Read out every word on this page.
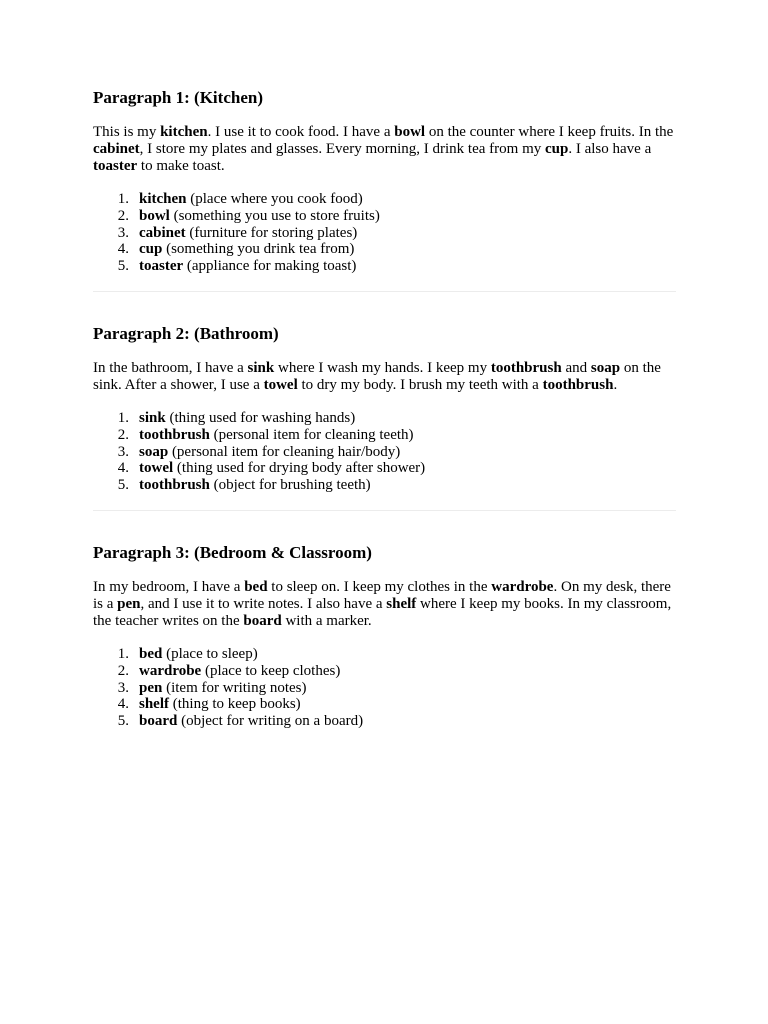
Paragraph 1: (Kitchen)
This is my kitchen. I use it to cook food. I have a bowl on the counter where I keep fruits. In the cabinet, I store my plates and glasses. Every morning, I drink tea from my cup. I also have a toaster to make toast.
1. kitchen (place where you cook food)
2. bowl (something you use to store fruits)
3. cabinet (furniture for storing plates)
4. cup (something you drink tea from)
5. toaster (appliance for making toast)
Paragraph 2: (Bathroom)
In the bathroom, I have a sink where I wash my hands. I keep my toothbrush and soap on the sink. After a shower, I use a towel to dry my body. I brush my teeth with a toothbrush.
1. sink (thing used for washing hands)
2. toothbrush (personal item for cleaning teeth)
3. soap (personal item for cleaning hair/body)
4. towel (thing used for drying body after shower)
5. toothbrush (object for brushing teeth)
Paragraph 3: (Bedroom & Classroom)
In my bedroom, I have a bed to sleep on. I keep my clothes in the wardrobe. On my desk, there is a pen, and I use it to write notes. I also have a shelf where I keep my books. In my classroom, the teacher writes on the board with a marker.
1. bed (place to sleep)
2. wardrobe (place to keep clothes)
3. pen (item for writing notes)
4. shelf (thing to keep books)
5. board (object for writing on a board)
